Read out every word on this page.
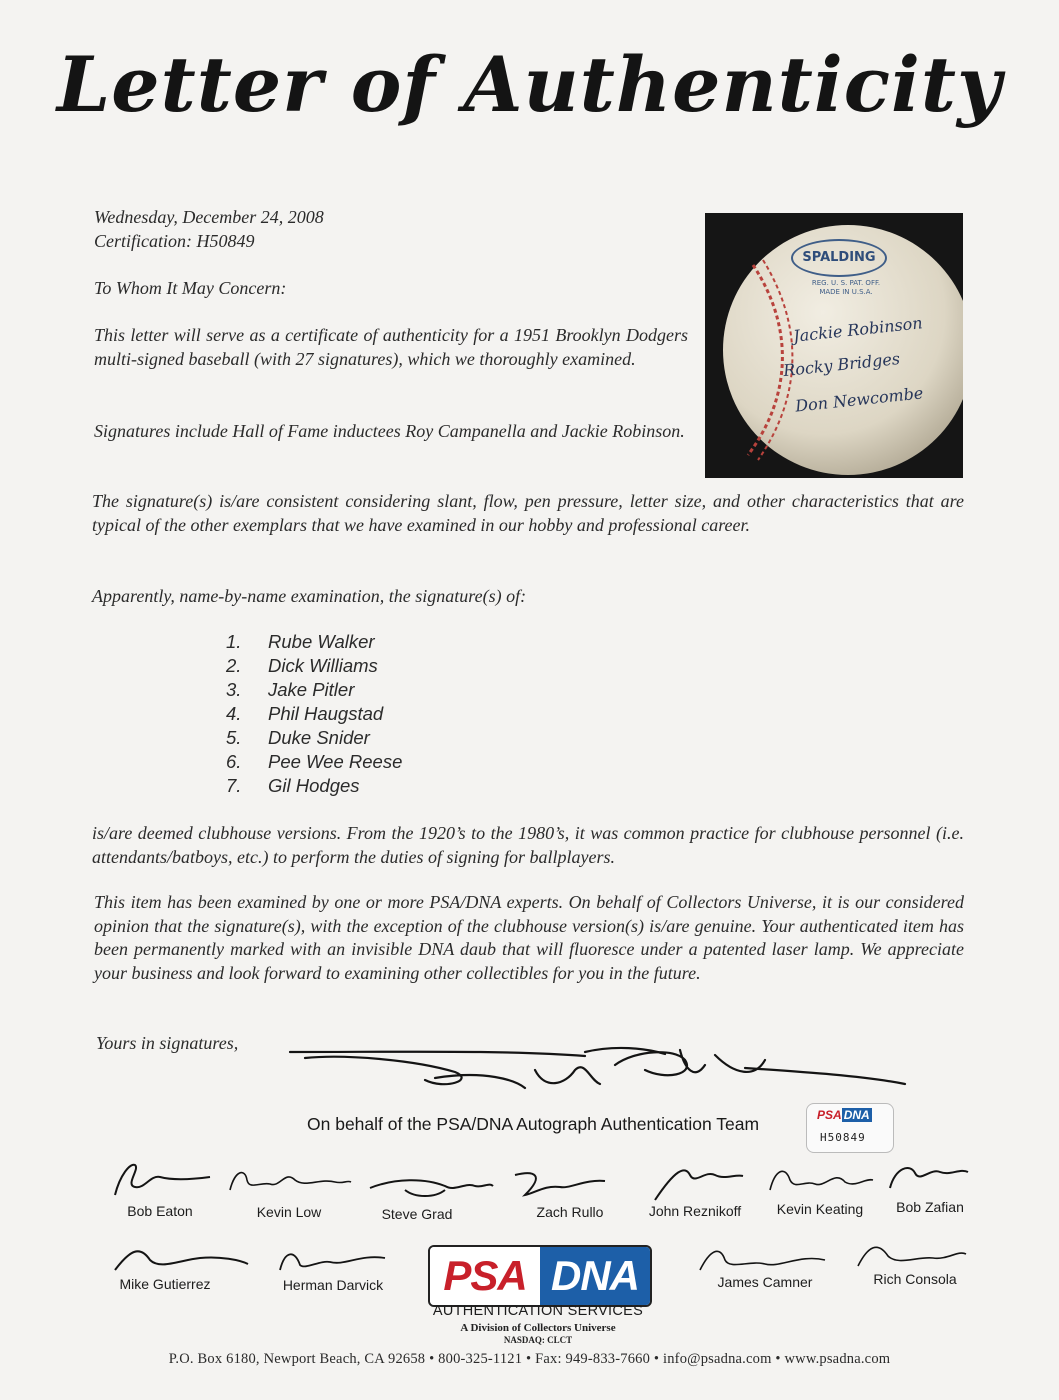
Letter of Authenticity
Wednesday, December 24, 2008
Certification: H50849
To Whom It May Concern:
This letter will serve as a certificate of authenticity for a 1951 Brooklyn Dodgers multi-signed baseball (with 27 signatures), which we thoroughly examined.
Signatures include Hall of Fame inductees Roy Campanella and Jackie Robinson.
SPALDING
REG. U. S. PAT. OFF.
MADE IN U.S.A.
Jackie Robinson
Rocky Bridges
Don Newcombe
The signature(s) is/are consistent considering slant, flow, pen pressure, letter size, and other characteristics that are typical of the other exemplars that we have examined in our hobby and professional career.
Apparently, name-by-name examination, the signature(s) of:

1. Rube Walker
2. Dick Williams
3. Jake Pitler
4. Phil Haugstad
5. Duke Snider
6. Pee Wee Reese
7. Gil Hodges
is/are deemed clubhouse versions. From the 1920’s to the 1980’s, it was common practice for clubhouse personnel (i.e. attendants/batboys, etc.) to perform the duties of signing for ballplayers.
This item has been examined by one or more PSA/DNA experts. On behalf of Collectors Universe, it is our considered opinion that the signature(s), with the exception of the clubhouse version(s) is/are genuine. Your authenticated item has been permanently marked with an invisible DNA daub that will fluoresce under a patented laser lamp. We appreciate your business and look forward to examining other collectibles for you in the future.
Yours in signatures,
On behalf of the PSA/DNA Autograph Authentication Team	PSA DNA
H50849
Bob Eaton	Kevin Low	Steve Grad	Zach Rullo	John Reznikoff	Kevin Keating	Bob Zafian
Mike Gutierrez	Herman Darvick	PSA DNA
AUTHENTICATION SERVICES
A Division of Collectors Universe
NASDAQ: CLCT
James Camner	Rich Consola
P.O. Box 6180, Newport Beach, CA 92658 • 800-325-1121 • Fax: 949-833-7660 • info@psadna.com • www.psadna.com
